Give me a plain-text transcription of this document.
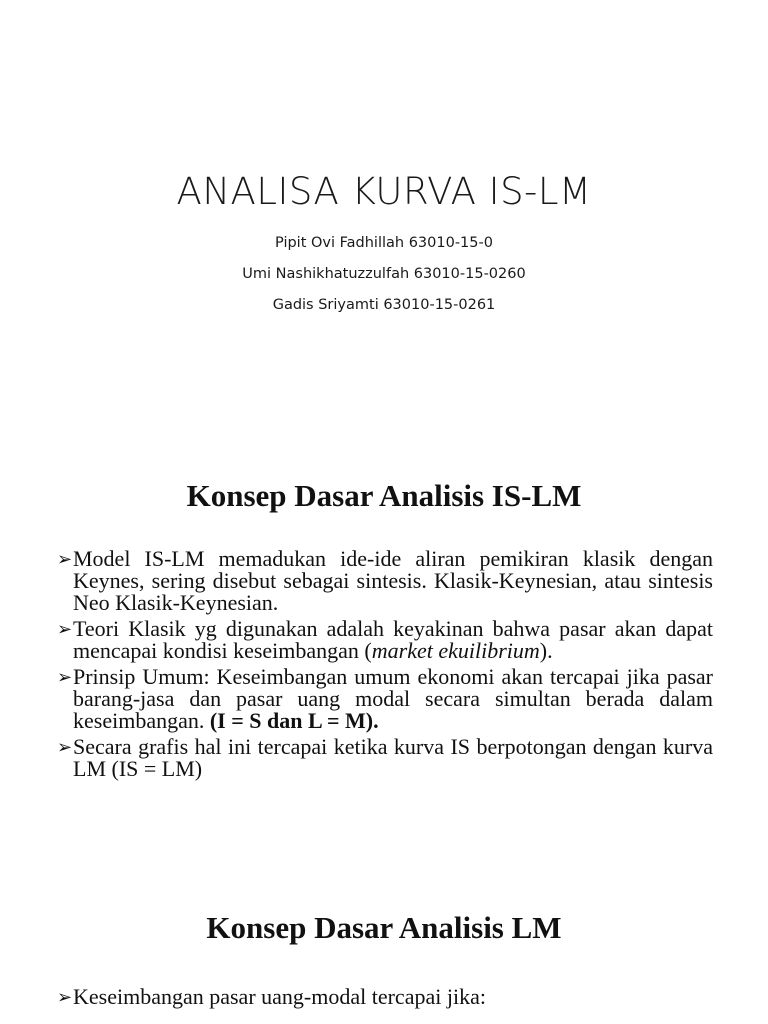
ANALISA KURVA IS-LM
Pipit Ovi Fadhillah 63010-15-0
Umi Nashikhatuzzulfah 63010-15-0260
Gadis Sriyamti 63010-15-0261
Konsep Dasar Analisis IS-LM

➢ Model IS-LM memadukan ide-ide aliran pemikiran klasik dengan Keynes, sering disebut sebagai sintesis. Klasik-Keynesian, atau sintesis Neo Klasik-Keynesian.

➢ Teori Klasik yg digunakan adalah keyakinan bahwa pasar akan dapat mencapai kondisi keseimbangan (market ekuilibrium).

➢ Prinsip Umum: Keseimbangan umum ekonomi akan tercapai jika pasar barang-jasa dan pasar uang modal secara simultan berada dalam keseimbangan. (I = S dan L = M).

➢ Secara grafis hal ini tercapai ketika kurva IS berpotongan dengan kurva LM (IS = LM)

Konsep Dasar Analisis LM

➢ Keseimbangan pasar uang-modal tercapai jika:
